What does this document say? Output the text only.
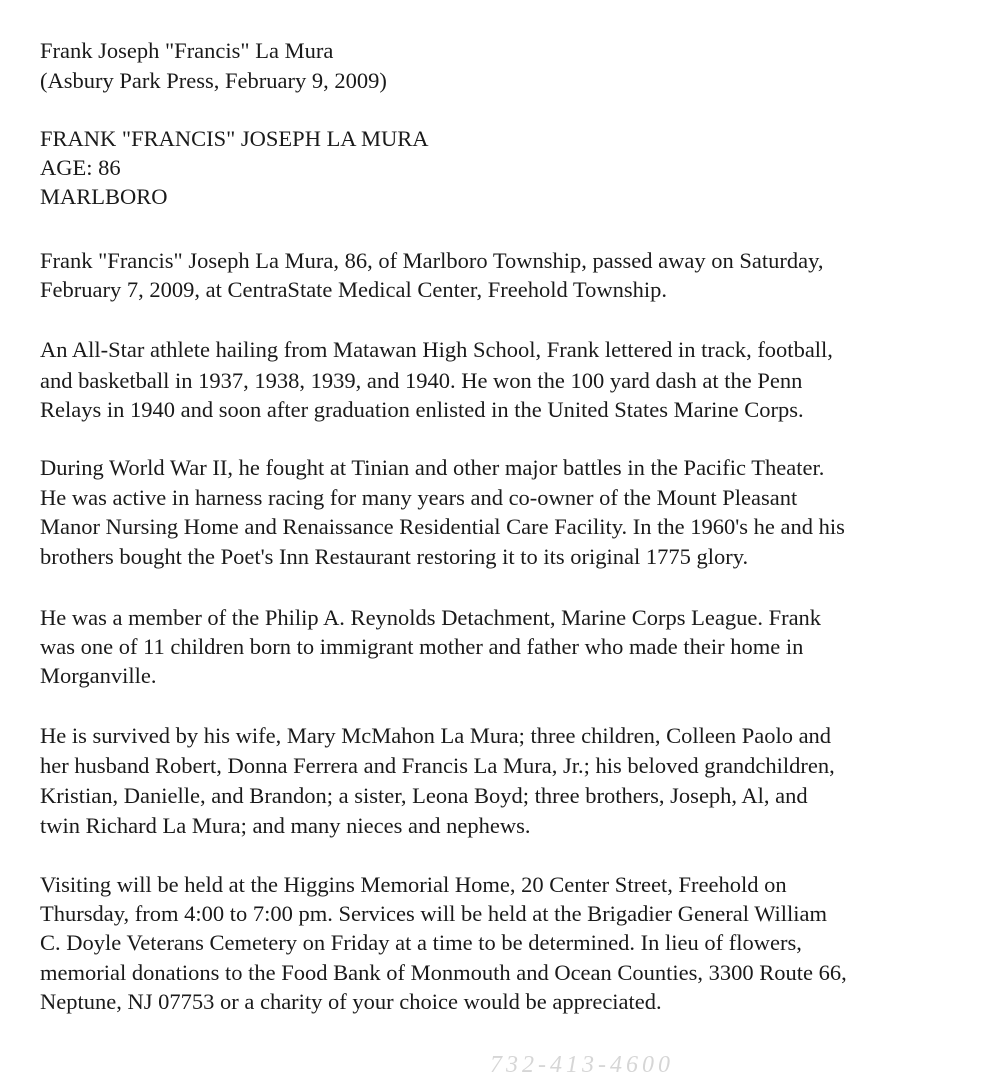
Frank Joseph "Francis" La Mura
(Asbury Park Press, February 9, 2009)
FRANK "FRANCIS" JOSEPH LA MURA
AGE: 86
MARLBORO
Frank "Francis" Joseph La Mura, 86, of Marlboro Township, passed away on Saturday,
February 7, 2009, at CentraState Medical Center, Freehold Township.
An All-Star athlete hailing from Matawan High School, Frank lettered in track, football,
and basketball in 1937, 1938, 1939, and 1940. He won the 100 yard dash at the Penn
Relays in 1940 and soon after graduation enlisted in the United States Marine Corps.
During World War II, he fought at Tinian and other major battles in the Pacific Theater.
He was active in harness racing for many years and co-owner of the Mount Pleasant
Manor Nursing Home and Renaissance Residential Care Facility. In the 1960's he and his
brothers bought the Poet's Inn Restaurant restoring it to its original 1775 glory.
He was a member of the Philip A. Reynolds Detachment, Marine Corps League. Frank
was one of 11 children born to immigrant mother and father who made their home in
Morganville.
He is survived by his wife, Mary McMahon La Mura; three children, Colleen Paolo and
her husband Robert, Donna Ferrera and Francis La Mura, Jr.; his beloved grandchildren,
Kristian, Danielle, and Brandon; a sister, Leona Boyd; three brothers, Joseph, Al, and
twin Richard La Mura; and many nieces and nephews.
Visiting will be held at the Higgins Memorial Home, 20 Center Street, Freehold on
Thursday, from 4:00 to 7:00 pm. Services will be held at the Brigadier General William
C. Doyle Veterans Cemetery on Friday at a time to be determined. In lieu of flowers,
memorial donations to the Food Bank of Monmouth and Ocean Counties, 3300 Route 66,
Neptune, NJ 07753 or a charity of your choice would be appreciated.
732-413-4600
